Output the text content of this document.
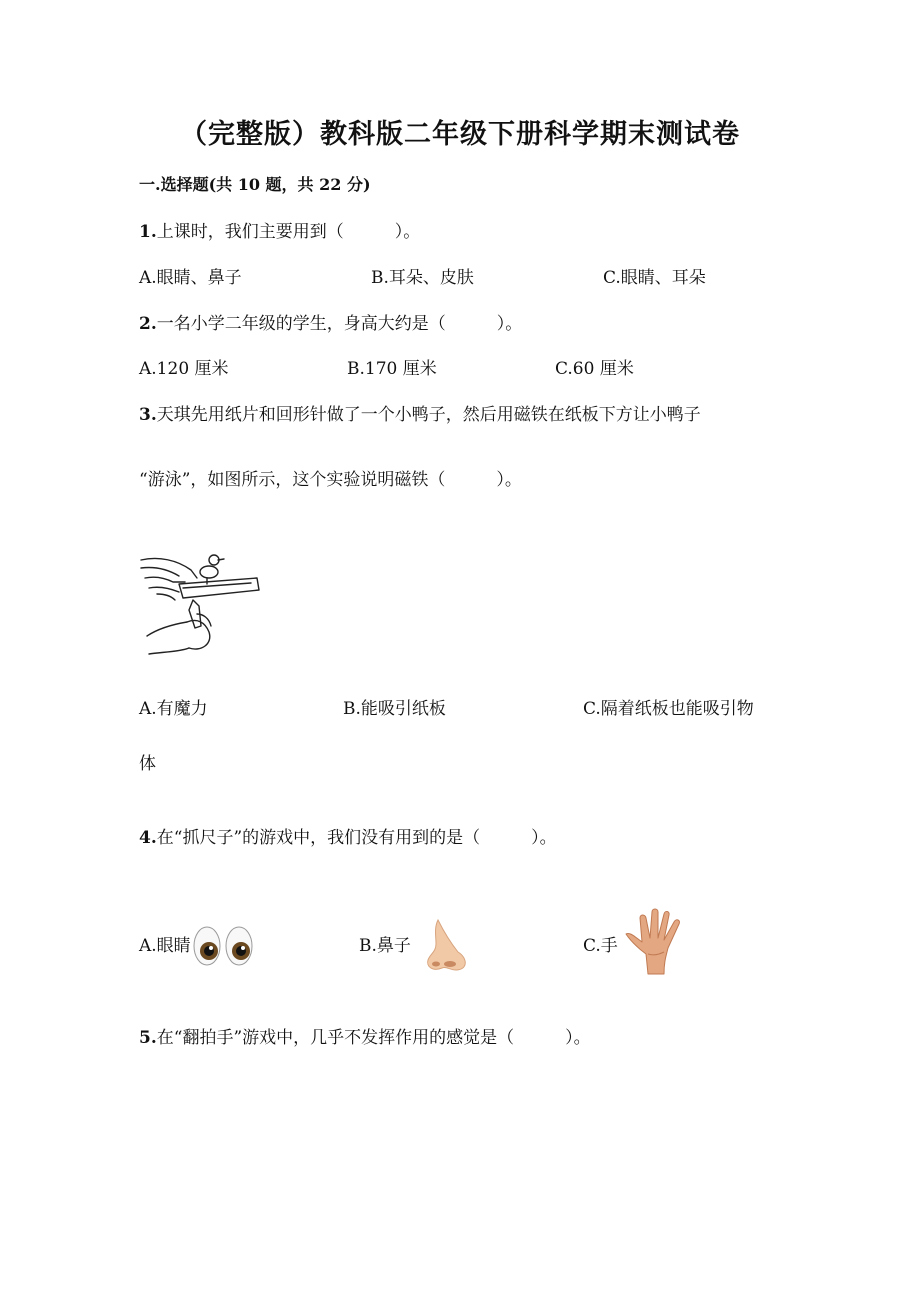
（完整版）教科版二年级下册科学期末测试卷
一.选择题(共 10 题，共 22 分)
1.上课时，我们主要用到（　　　）。
A.眼睛、鼻子	B.耳朵、皮肤	C.眼睛、耳朵
2.一名小学二年级的学生，身高大约是（　　　）。
A.120 厘米	B.170 厘米	C.60 厘米
3.天琪先用纸片和回形针做了一个小鸭子，然后用磁铁在纸板下方让小鸭子
“游泳”，如图所示，这个实验说明磁铁（　　　）。
A.有魔力	B.能吸引纸板	C.隔着纸板也能吸引物
体
4.在“抓尺子”的游戏中，我们没有用到的是（　　　）。
A.眼睛	B.鼻子	C.手
5.在“翻拍手”游戏中，几乎不发挥作用的感觉是（　　　）。
